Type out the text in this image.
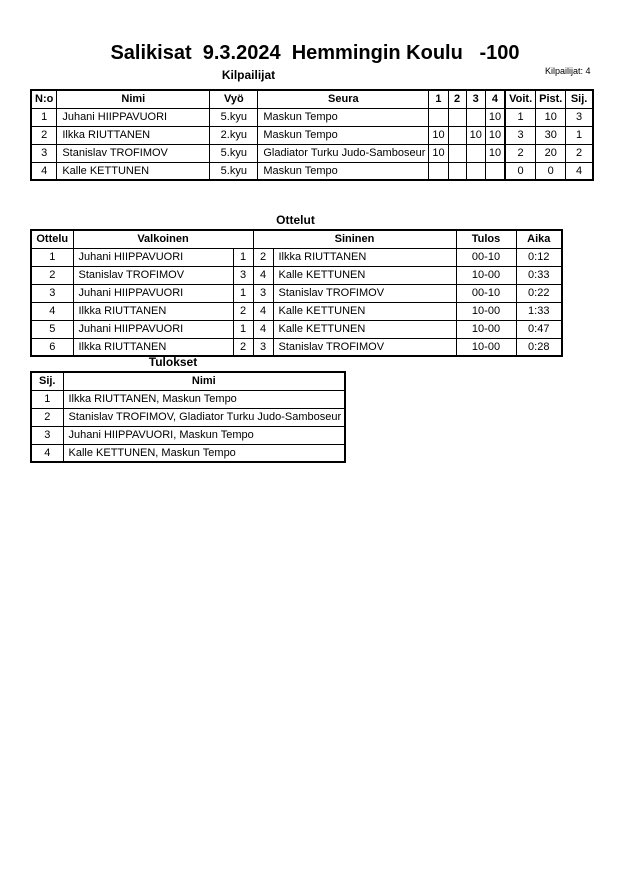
Salikisat  9.3.2024  Hemmingin Koulu   -100
Kilpailijat: 4
Kilpailijat
N:o	Nimi	Vyö	Seura	1	2	3	4	Voit.	Pist.	Sij.
1	Juhani HIIPPAVUORI	5.kyu	Maskun Tempo				10	1	10	3
2	Ilkka RIUTTANEN	2.kyu	Maskun Tempo	10		10	10	3	30	1
3	Stanislav TROFIMOV	5.kyu	Gladiator Turku Judo-Samboseur	10			10	2	20	2
4	Kalle KETTUNEN	5.kyu	Maskun Tempo					0	0	4
Ottelut
Ottelu	Valkoinen		Sininen		Tulos	Aika
1	Juhani HIIPPAVUORI	1	2	Ilkka RIUTTANEN	00-10	0:12
2	Stanislav TROFIMOV	3	4	Kalle KETTUNEN	10-00	0:33
3	Juhani HIIPPAVUORI	1	3	Stanislav TROFIMOV	00-10	0:22
4	Ilkka RIUTTANEN	2	4	Kalle KETTUNEN	10-00	1:33
5	Juhani HIIPPAVUORI	1	4	Kalle KETTUNEN	10-00	0:47
6	Ilkka RIUTTANEN	2	3	Stanislav TROFIMOV	10-00	0:28
Tulokset
Sij.	Nimi
1	Ilkka RIUTTANEN, Maskun Tempo
2	Stanislav TROFIMOV, Gladiator Turku Judo-Samboseur
3	Juhani HIIPPAVUORI, Maskun Tempo
4	Kalle KETTUNEN, Maskun Tempo
